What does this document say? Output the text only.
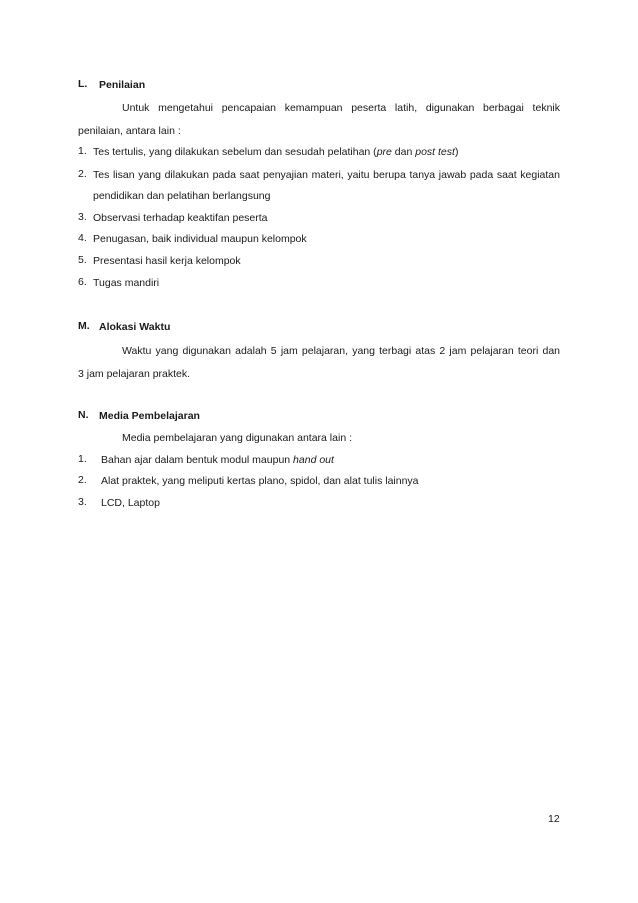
L. Penilaian
Untuk mengetahui pencapaian kemampuan peserta latih, digunakan berbagai teknik
penilaian, antara lain :
1. Tes tertulis, yang dilakukan sebelum dan sesudah pelatihan (pre dan post test)
2. Tes lisan yang dilakukan pada saat penyajian materi, yaitu berupa tanya jawab pada saat kegiatan
pendidikan dan pelatihan berlangsung
3. Observasi terhadap keaktifan peserta
4. Penugasan, baik individual maupun kelompok
5. Presentasi hasil kerja kelompok
6. Tugas mandiri
M. Alokasi Waktu
Waktu yang digunakan adalah 5 jam pelajaran, yang terbagi atas 2 jam pelajaran teori dan
3 jam pelajaran praktek.
N. Media Pembelajaran
Media pembelajaran yang digunakan antara lain :
1. Bahan ajar dalam bentuk modul maupun hand out
2. Alat praktek, yang meliputi kertas plano, spidol, dan alat tulis lainnya
3. LCD, Laptop
12
